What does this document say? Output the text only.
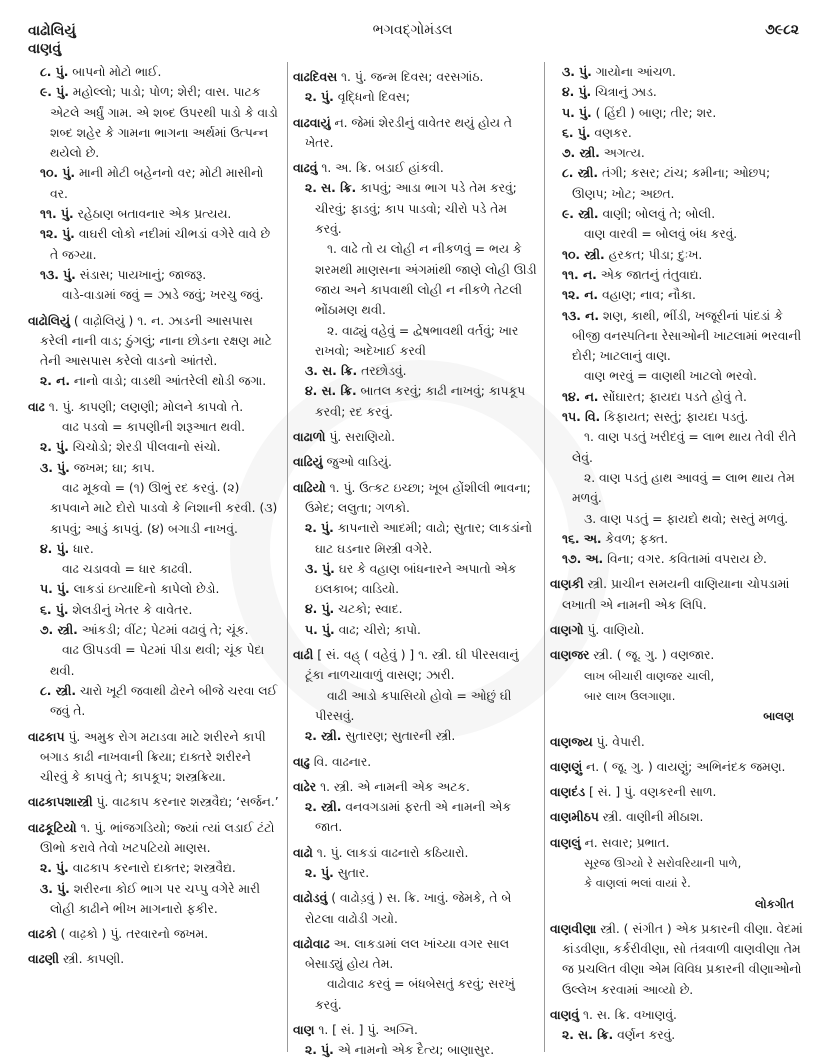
વાઢોલિયું
વાણવું
ભગવદ્ગોમંડલ	૭૯૮૨
૮. પું. બાપનો મોટો ભાઈ.
૯. પું. મહોલ્લો; પાડો; પોળ; શેરી; વાસ. પાટક એટલે અર્ધું ગામ. એ શબ્દ ઉપરથી પાડો કે વાડો શબ્દ શહેર કે ગામના ભાગના અર્થમાં ઉત્પન્ન થયેલો છે.
૧૦. પું. માની મોટી બહેનનો વર; મોટી માસીનો વર.
૧૧. પું. રહેઠાણ બતાવનાર એક પ્રત્યય.
૧૨. પું. વાઘરી લોકો નદીમાં ચીભડાં વગેરે વાવે છે તે જગ્યા.
૧૩. પું. સંડાસ; પાયખાનું; જાજરૂ.
વાડે-વાડામાં જવું = ઝાડે જવું; ખરચુ જવું.
વાઢોલિયું ( વાઢ઼ોલિયું ) ૧. ન. ઝાડની આસપાસ કરેલી નાની વાડ; ઠુંગલું; નાના છોડના રક્ષણ માટે તેની આસપાસ કરેલો વાડનો આંતરો.
૨. ન. નાનો વાડો; વાડથી આંતરેલી થોડી જગા.
વાઢ ૧. પું. કાપણી; લણણી; મોલને કાપવો તે.
વાઢ પડવો = કાપણીની શરૂઆત થવી.
૨. પું. ચિચોડો; શેરડી પીલવાનો સંચો.
૩. પું. જખમ; ઘા; કાપ.
વાઢ મૂકવો = (૧) ઊભું રદ કરવું. (૨) કાપવાને માટે દોરો પાડવો કે નિશાની કરવી. (૩) કાપવું; આડું કાપવું. (૪) બગાડી નાખવું.
૪. પું. ધાર.
વાઢ ચડાવવો = ધાર કાઢવી.
૫. પું. લાકડાં ઇત્યાદિનો કાપેલો છેડો.
૬. પું. શેલડીનું ખેતર કે વાવેતર.
૭. સ્ત્રી. આંકડી; વીંટ; પેટમાં વઢાવું તે; ચૂંક.
વાઢ ઊપડવી = પેટમાં પીડા થવી; ચૂંક પેદા થવી.
૮. સ્ત્રી. ચારો ખૂટી જવાથી ઢોરને બીજે ચરવા લઈ જવું તે.
વાઢકાપ પું. અમુક રોગ મટાડવા માટે શરીરને કાપી બગાડ કાઢી નાખવાની ક્રિયા; દાક્તરે શરીરને ચીરવું કે કાપવું તે; કાપકૂપ; શસ્ત્રક્રિયા.
વાઢકાપશાસ્ત્રી પું. વાઢકાપ કરનાર શસ્ત્રવૈદ્ય; ‘સર્જન.’
વાઢકૂટિયો ૧. પું. ભાંજગડિયો; જ્યાં ત્યાં લડાઈ ટંટો ઊભો કરાવે તેવો ખટપટિયો માણસ.
૨. પું. વાઢકાપ કરનારો દાક્તર; શસ્ત્રવૈદ્ય.
૩. પું. શરીરના કોઈ ભાગ પર ચપ્પુ વગેરે મારી લોહી કાઢીને ભીખ માગનારો ફકીર.
વાઢકો ( વાઢ઼કો ) પું. તરવારનો જખમ.
વાઢણી સ્ત્રી. કાપણી.
વાઢદિવસ ૧. પું. જન્મ દિવસ; વરસગાંઠ.
૨. પું. વૃદ્ધિનો દિવસ;
વાઢવાયું ન. જેમાં શેરડીનું વાવેતર થયું હોય તે ખેતર.
વાઢવું ૧. અ. ક્રિ. બડાઈ હાંકવી.
૨. સ. ક્રિ. કાપવું; આડા ભાગ પડે તેમ કરવું; ચીરવું; ફાડવું; કાપ પાડવો; ચીરો પડે તેમ કરવું.
૧. વાઢે તો ય લોહી ન નીકળવું = ભય કે શરમથી માણસના અંગમાંથી જાણે લોહી ઊડી જાય અને કાપવાથી લોહી ન નીકળે તેટલી ભોંઠામણ થવી.
૨. વાઢ્યું વહેવું = દ્વેષભાવથી વર્તવું; ખાર રાખવો; અદેખાઈ કરવી
૩. સ. ક્રિ. તરછોડવું.
૪. સ. ક્રિ. બાતલ કરવું; કાઢી નાખવું; કાપકૂપ કરવી; રદ કરવું.
વાઢાળો પું. સરાણિયો.
વાઢિયું જુઓ વાડિયું.
વાઢિયો ૧. પું. ઉત્કટ ઇચ્છા; ખૂબ હોંશીલી ભાવના; ઉમેદ; લલુતા; ગળકો.
૨. પું. કાપનારો આદમી; વાઢો; સુતાર; લાકડાંનો ઘાટ ઘડનાર મિસ્ત્રી વગેરે.
૩. પું. ઘર કે વહાણ બાંધનારને અપાતો એક ઇલકાબ; વાડિયો.
૪. પું. ચટકો; સ્વાદ.
૫. પું. વાઢ; ચીરો; કાપો.
વાઢી [ સં. વહ્ ( વહેવું ) ] ૧. સ્ત્રી. ઘી પીરસવાનું ટૂંકા નાળચાવાળું વાસણ; ઝારી.
વાઢી આડો કપાસિયો હોવો = ઓછું ઘી પીરસવું.
૨. સ્ત્રી. સુતારણ; સુતારની સ્ત્રી.
વાઢુ વિ. વાઢનાર.
વાઢેર ૧. સ્ત્રી. એ નામની એક અટક.
૨. સ્ત્રી. વનવગડામાં ફરતી એ નામની એક જાત.
વાઢો ૧. પું. લાકડાં વાઢનારો કઠિયારો.
૨. પું. સુતાર.
વાઢોડવું ( વાઢોડ઼વું ) સ. ક્રિ. ખાવું. જેમકે, તે બે રોટલા વાઢોડી ગયો.
વાઢોવાઢ અ. લાકડામાં લલ ખાંચ્યા વગર સાલ બેસાડ્યું હોય તેમ.
વાઢોવાઢ કરવું = બંધબેસતું કરવું; સરખું કરવું.
વાણ ૧. [ સં. ] પું. અગ્નિ.
૨. પું. એ નામનો એક દૈત્ય; બાણાસુર.
૩. પું. ગાયોના આંચળ.
૪. પું. ચિત્રાનું ઝાડ.
૫. પું. ( હિંદી ) બાણ; તીર; શર.
૬. પું. વણકર.
૭. સ્ત્રી. અગત્ય.
૮. સ્ત્રી. તંગી; કસર; ટાંચ; કમીના; ઓછપ; ઊણપ; ખોટ; અછત.
૯. સ્ત્રી. વાણી; બોલવું તે; બોલી.
વાણ વારવી = બોલવું બંધ કરવું.
૧૦. સ્ત્રી. હરકત; પીડા; દુઃખ.
૧૧. ન. એક જાતનું તંતુવાદ્ય.
૧૨. ન. વહાણ; નાવ; નૌકા.
૧૩. ન. શણ, કાથી, ભીંડી, ખજૂરીનાં પાંદડાં કે બીજી વનસ્પતિના રેસાઓની ખાટલામાં ભરવાની દોરી; ખાટલાનું વાણ.
વાણ ભરવું = વાણથી ખાટલો ભરવો.
૧૪. ન. સોંઘારત; ફાયદા પડતે હોવું તે.
૧૫. વિ. કિફાયત; સસ્તું; ફાયદા પડતું.
૧. વાણ પડતું ખરીદવું = લાભ થાય તેવી રીતે લેવું.
૨. વાણ પડતું હાથ આવવું = લાભ થાય તેમ મળવું.
૩. વાણ પડતું = ફાયદો થવો; સસ્તું મળવું.
૧૬. અ. કેવળ; ફક્ત.
૧૭. અ. વિના; વગર. કવિતામાં વપરાય છે.
વાણકી સ્ત્રી. પ્રાચીન સમયની વાણિયાના ચોપડામાં લખાતી એ નામની એક લિપિ.
વાણગો પું. વાણિયો.
વાણજર સ્ત્રી. ( જૂ. ગુ. ) વણજાર.
લાખ બીચારી વાણજર ચાલી,
બાર લાખ ઉલગાણા.
બાલણ
વાણજ્ય પું. વેપારી.
વાણણું ન. ( જૂ. ગુ. ) વાયણું; અભિનંદક જમણ.
વાણદંડ [ સં. ] પું. વણકરની સાળ.
વાણમીઠપ સ્ત્રી. વાણીની મીઠાશ.
વાણલું ન. સવાર; પ્રભાત.
સૂરજ ઊગ્યો રે સરોવરિયાની પાળે,
કે વાણલાં ભલાં વાયાં રે.
લોકગીત
વાણવીણા સ્ત્રી. ( સંગીત ) એક પ્રકારની વીણા. વેદમાં કાંડવીણા, કર્કરીવીણા, સો તંત્રવાળી વાણવીણા તેમ જ પ્રચલિત વીણા એમ વિવિધ પ્રકારની વીણાઓનો ઉલ્લેખ કરવામાં આવ્યો છે.
વાણવું ૧. સ. ક્રિ. વખાણવું.
૨. સ. ક્રિ. વર્ણન કરવું.
